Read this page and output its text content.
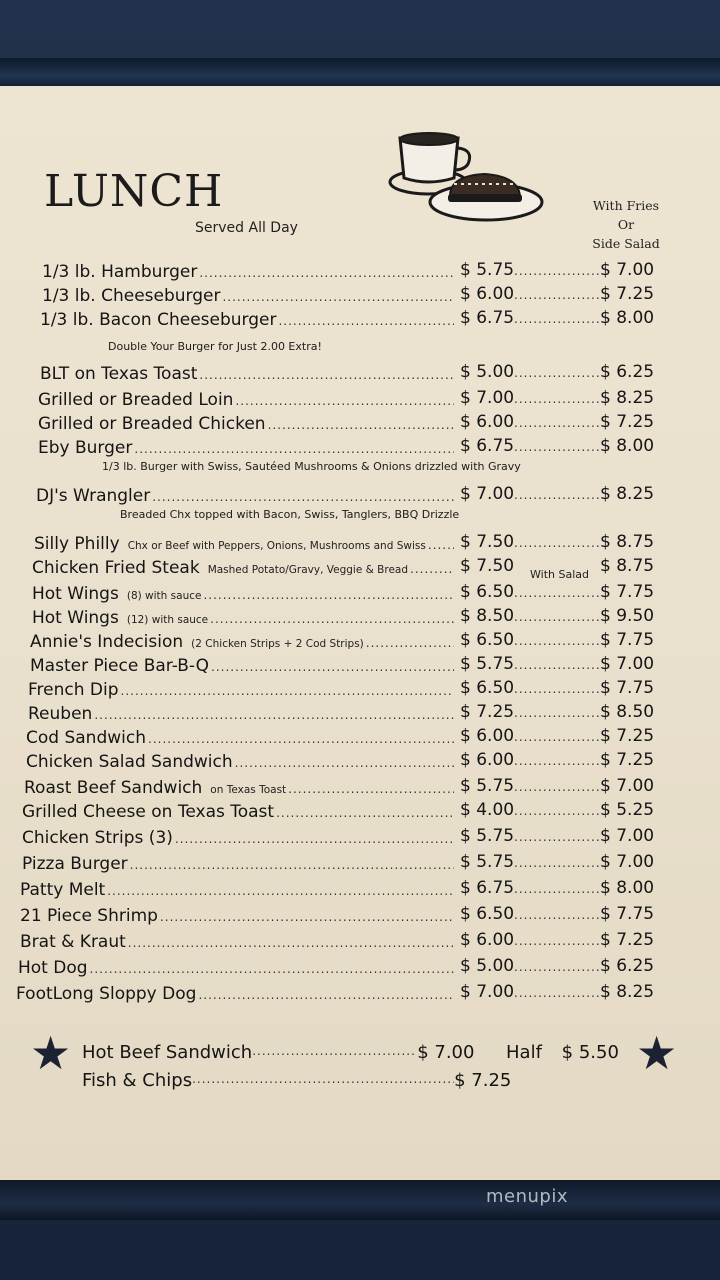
LUNCH
Served All Day
With Fries
Or
Side Salad
1/3 lb. Hamburger .....	$ 5.75 .....	$ 7.00
1/3 lb. Cheeseburger .....	$ 6.00 .....	$ 7.25
1/3 lb. Bacon Cheeseburger .....	$ 6.75 .....	$ 8.00
BLT on Texas Toast .....	$ 5.00 .....	$ 6.25
Grilled or Breaded Loin .....	$ 7.00 .....	$ 8.25
Grilled or Breaded Chicken .....	$ 6.00 .....	$ 7.25
Eby Burger .....	$ 6.75 .....	$ 8.00
DJ's Wrangler .....	$ 7.00 .....	$ 8.25
Silly Philly Chx or Beef with Peppers, Onions, Mushrooms and Swiss ..... $ 7.50 .....	$ 8.75
Chicken Fried Steak Mashed Potato/Gravy, Veggie & Bread .....	$ 7.50	$ 8.75
Hot Wings (8) with sauce .....	$ 6.50 .....	$ 7.75
Hot Wings (12) with sauce .....	$ 8.50 .....	$ 9.50
Annie's Indecision (2 Chicken Strips + 2 Cod Strips) .....	$ 6.50 .....	$ 7.75
Master Piece Bar-B-Q .....	$ 5.75 .....	$ 7.00
French Dip .....	$ 6.50 .....	$ 7.75
Reuben .....	$ 7.25 .....	$ 8.50
Cod Sandwich .....	$ 6.00 .....	$ 7.25
Chicken Salad Sandwich .....	$ 6.00 .....	$ 7.25
Roast Beef Sandwich on Texas Toast .....	$ 5.75 .....	$ 7.00
Grilled Cheese on Texas Toast .....	$ 4.00 .....	$ 5.25
Chicken Strips (3) .....	$ 5.75 .....	$ 7.00
Pizza Burger .....	$ 5.75 .....	$ 7.00
Patty Melt .....	$ 6.75 .....	$ 8.00
21 Piece Shrimp .....	$ 6.50 .....	$ 7.75
Brat & Kraut .....	$ 6.00 .....	$ 7.25
Hot Dog .....	$ 5.00 .....	$ 6.25
FootLong Sloppy Dog .....	$ 7.00 .....	$ 8.25
Double Your Burger for Just 2.00 Extra!
1/3 lb. Burger with Swiss, Sautéed Mushrooms & Onions drizzled with Gravy
Breaded Chx topped with Bacon, Swiss, Tanglers, BBQ Drizzle
With Salad
★	★
Hot Beef Sandwich .....	$ 7.00 Half $ 5.50
Fish & Chips .....	$ 7.25
menupix
